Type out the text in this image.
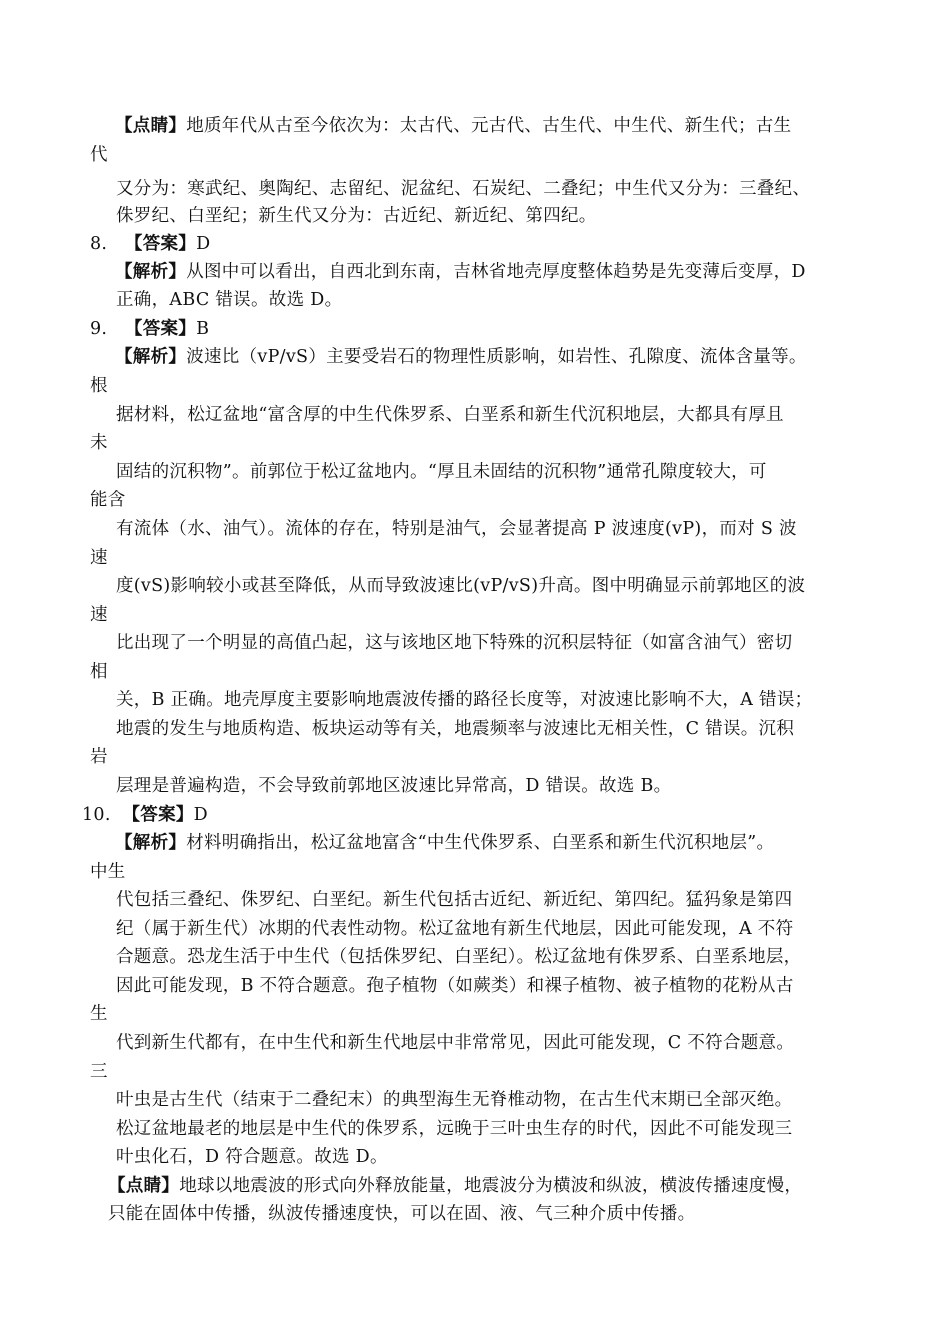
【点睛】地质年代从古至今依次为：太古代、元古代、古生代、中生代、新生代；古生
代
又分为：寒武纪、奥陶纪、志留纪、泥盆纪、石炭纪、二叠纪；中生代又分为：三叠纪、
侏罗纪、白垩纪；新生代又分为：古近纪、新近纪、第四纪。
8. 【答案】D
【解析】从图中可以看出，自西北到东南，吉林省地壳厚度整体趋势是先变薄后变厚，D
正确，ABC 错误。故选 D。
9. 【答案】B
【解析】波速比（vP/vS）主要受岩石的物理性质影响，如岩性、孔隙度、流体含量等。
根
据材料，松辽盆地“富含厚的中生代侏罗系、白垩系和新生代沉积地层，大都具有厚且
未
固结的沉积物”。前郭位于松辽盆地内。“厚且未固结的沉积物”通常孔隙度较大，可
能含
有流体（水、油气）。流体的存在，特别是油气，会显著提高 P 波速度(vP)，而对 S 波
速
度(vS)影响较小或甚至降低，从而导致波速比(vP/vS)升高。图中明确显示前郭地区的波
速
比出现了一个明显的高值凸起，这与该地区地下特殊的沉积层特征（如富含油气）密切
相
关，B 正确。地壳厚度主要影响地震波传播的路径长度等，对波速比影响不大，A 错误；
地震的发生与地质构造、板块运动等有关，地震频率与波速比无相关性，C 错误。沉积
岩
层理是普遍构造，不会导致前郭地区波速比异常高，D 错误。故选 B。
10. 【答案】D
【解析】材料明确指出，松辽盆地富含“中生代侏罗系、白垩系和新生代沉积地层”。
中生
代包括三叠纪、侏罗纪、白垩纪。新生代包括古近纪、新近纪、第四纪。猛犸象是第四
纪（属于新生代）冰期的代表性动物。松辽盆地有新生代地层，因此可能发现，A 不符
合题意。恐龙生活于中生代（包括侏罗纪、白垩纪）。松辽盆地有侏罗系、白垩系地层，
因此可能发现，B 不符合题意。孢子植物（如蕨类）和裸子植物、被子植物的花粉从古
生
代到新生代都有，在中生代和新生代地层中非常常见，因此可能发现，C 不符合题意。
三
叶虫是古生代（结束于二叠纪末）的典型海生无脊椎动物，在古生代末期已全部灭绝。
松辽盆地最老的地层是中生代的侏罗系，远晚于三叶虫生存的时代，因此不可能发现三
叶虫化石，D 符合题意。故选 D。
【点睛】地球以地震波的形式向外释放能量，地震波分为横波和纵波，横波传播速度慢，
只能在固体中传播，纵波传播速度快，可以在固、液、气三种介质中传播。
